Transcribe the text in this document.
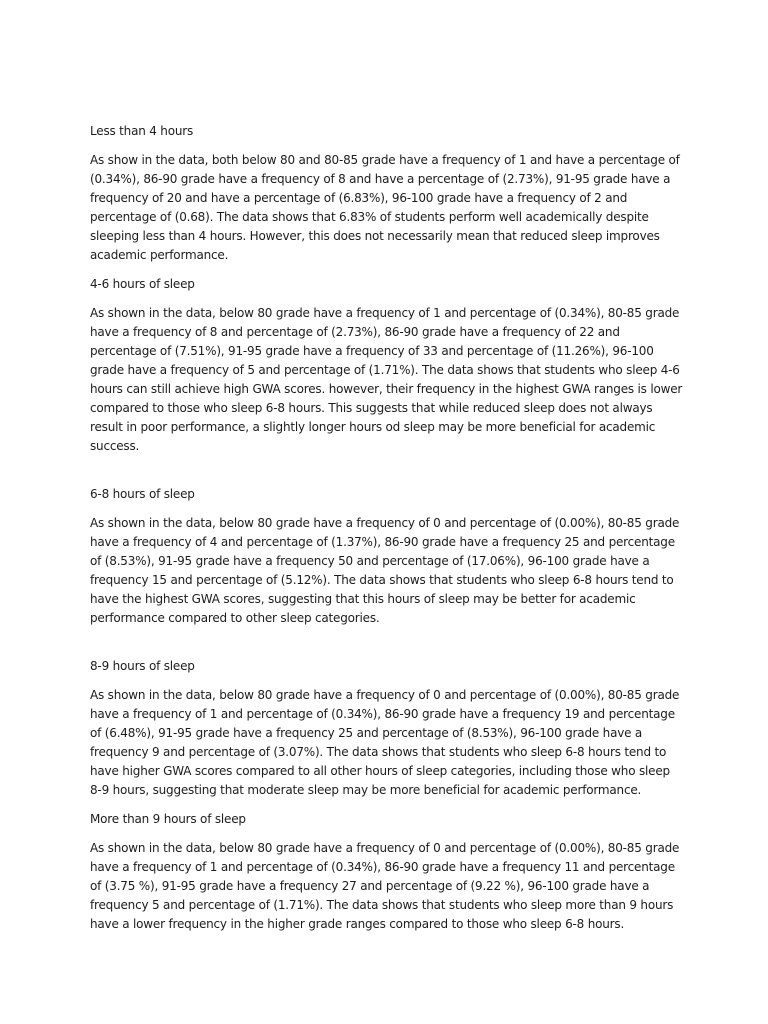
Less than 4 hours

As show in the data, both below 80 and 80-85 grade have a frequency of 1 and have a percentage of (0.34%), 86-90 grade have a frequency of 8 and have a percentage of (2.73%), 91-95 grade have a frequency of 20 and have a percentage of (6.83%), 96-100 grade have a frequency of 2 and percentage of (0.68). The data shows that 6.83% of students perform well academically despite sleeping less than 4 hours. However, this does not necessarily mean that reduced sleep improves academic performance.

4-6 hours of sleep

As shown in the data, below 80 grade have a frequency of 1 and percentage of (0.34%), 80-85 grade have a frequency of 8 and percentage of (2.73%), 86-90 grade have a frequency of 22 and percentage of (7.51%), 91-95 grade have a frequency of 33 and percentage of (11.26%), 96-100 grade have a frequency of 5 and percentage of (1.71%). The data shows that students who sleep 4-6 hours can still achieve high GWA scores. however, their frequency in the highest GWA ranges is lower compared to those who sleep 6-8 hours. This suggests that while reduced sleep does not always result in poor performance, a slightly longer hours od sleep may be more beneficial for academic success.

6-8 hours of sleep

As shown in the data, below 80 grade have a frequency of 0 and percentage of (0.00%), 80-85 grade have a frequency of 4 and percentage of (1.37%), 86-90 grade have a frequency 25 and percentage of (8.53%), 91-95 grade have a frequency 50 and percentage of (17.06%), 96-100 grade have a frequency 15 and percentage of (5.12%). The data shows that students who sleep 6-8 hours tend to have the highest GWA scores, suggesting that this hours of sleep may be better for academic performance compared to other sleep categories.

8-9 hours of sleep

As shown in the data, below 80 grade have a frequency of 0 and percentage of (0.00%), 80-85 grade have a frequency of 1 and percentage of (0.34%), 86-90 grade have a frequency 19 and percentage of (6.48%), 91-95 grade have a frequency 25 and percentage of (8.53%), 96-100 grade have a frequency 9 and percentage of (3.07%). The data shows that students who sleep 6-8 hours tend to have higher GWA scores compared to all other hours of sleep categories, including those who sleep 8-9 hours, suggesting that moderate sleep may be more beneficial for academic performance.

More than 9 hours of sleep

As shown in the data, below 80 grade have a frequency of 0 and percentage of (0.00%), 80-85 grade have a frequency of 1 and percentage of (0.34%), 86-90 grade have a frequency 11 and percentage of (3.75 %), 91-95 grade have a frequency 27 and percentage of (9.22 %), 96-100 grade have a frequency 5 and percentage of (1.71%). The data shows that students who sleep more than 9 hours have a lower frequency in the higher grade ranges compared to those who sleep 6-8 hours.
